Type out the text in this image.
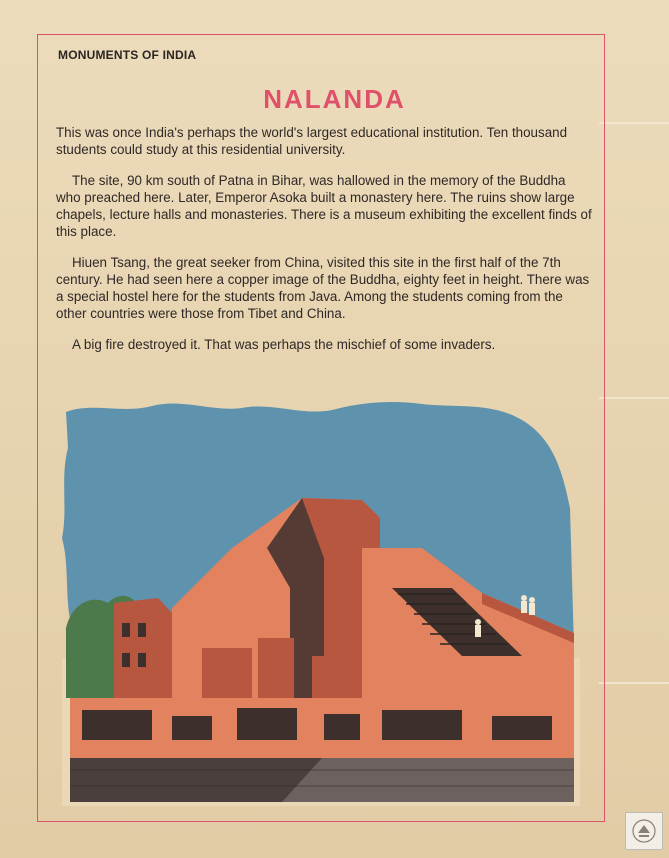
MONUMENTS OF INDIA
NALANDA

This was once India's perhaps the world's largest educational institution. Ten thousand students could study at this residential university.

The site, 90 km south of Patna in Bihar, was hallowed in the memory of the Buddha who preached here. Later, Emperor Asoka built a monastery here. The ruins show large chapels, lecture halls and monasteries. There is a museum exhibiting the excellent finds of this place.

Hiuen Tsang, the great seeker from China, visited this site in the first half of the 7th century. He had seen here a copper image of the Buddha, eighty feet in height. There was a special hostel here for the students from Java. Among the students coming from the other countries were those from Tibet and China.

A big fire destroyed it. That was perhaps the mischief of some invaders.
